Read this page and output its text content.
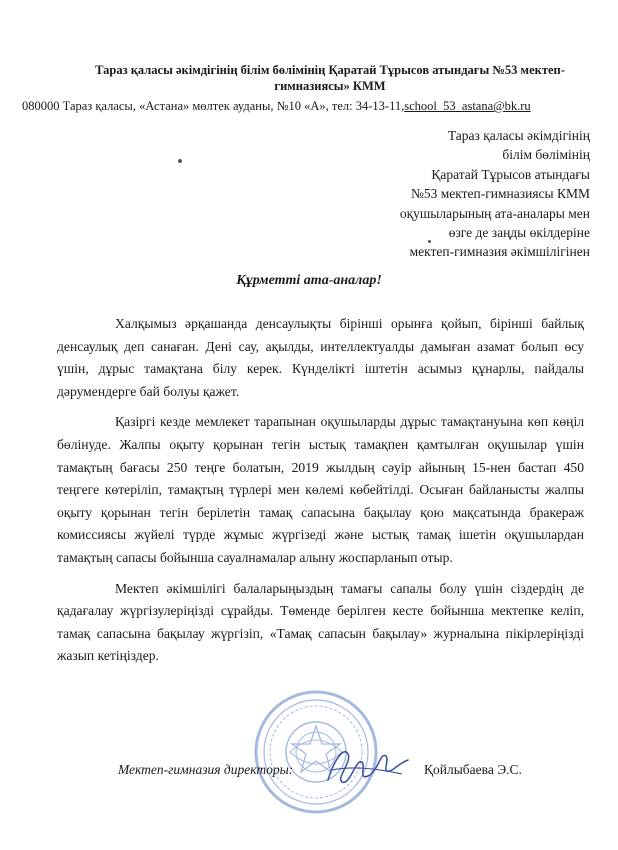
Тараз қаласы әкімдігінің білім бөлімінің Қаратай Тұрысов атындағы №53 мектеп-гимназиясы» КММ
080000 Тараз қаласы, «Астана» мөлтек ауданы, №10 «А», тел: 34-13-11,school_53_astana@bk.ru
Тараз қаласы әкімдігінің
білім бөлімінің
Қаратай Тұрысов атындағы
№53 мектеп-гимназиясы КММ
оқушыларының ата-аналары мен
өзге де заңды өкілдеріне
мектеп-гимназия әкімшілігінен
Құрметті ата-аналар!

Халқымыз әрқашанда денсаулықты бірінші орынға қойып, бірінші байлық денсаулық деп санаған. Дені сау, ақылды, интеллектуалды дамыған азамат болып өсу үшін, дұрыс тамақтана білу керек. Күнделікті іштетін асымыз құнарлы, пайдалы дәрумендерге бай болуы қажет.

Қазіргі кезде мемлекет тарапынан оқушыларды дұрыс тамақтануына көп көңіл бөлінуде. Жалпы оқыту қорынан тегін ыстық тамақпен қамтылған оқушылар үшін тамақтың бағасы 250 теңге болатын, 2019 жылдың сәуір айының 15-нен бастап 450 теңгеге көтеріліп, тамақтың түрлері мен көлемі көбейтілді. Осыған байланысты жалпы оқыту қорынан тегін берілетін тамақ сапасына бақылау қою мақсатында бракераж комиссиясы жүйелі түрде жұмыс жүргізеді және ыстық тамақ ішетін оқушылардан тамақтың сапасы бойынша сауалнамалар алыну жоспарланып отыр.

Мектеп әкімшілігі балаларыңыздың тамағы сапалы болу үшін сіздердің де қадағалау жүргізулеріңізді сұрайды. Төменде берілген кесте бойынша мектепке келіп, тамақ сапасына бақылау жүргізіп, «Тамақ сапасын бақылау» журналына пікірлеріңізді жазып кетіңіздер.

Мектеп-гимназия директоры:	Қойлыбаева Э.С.
